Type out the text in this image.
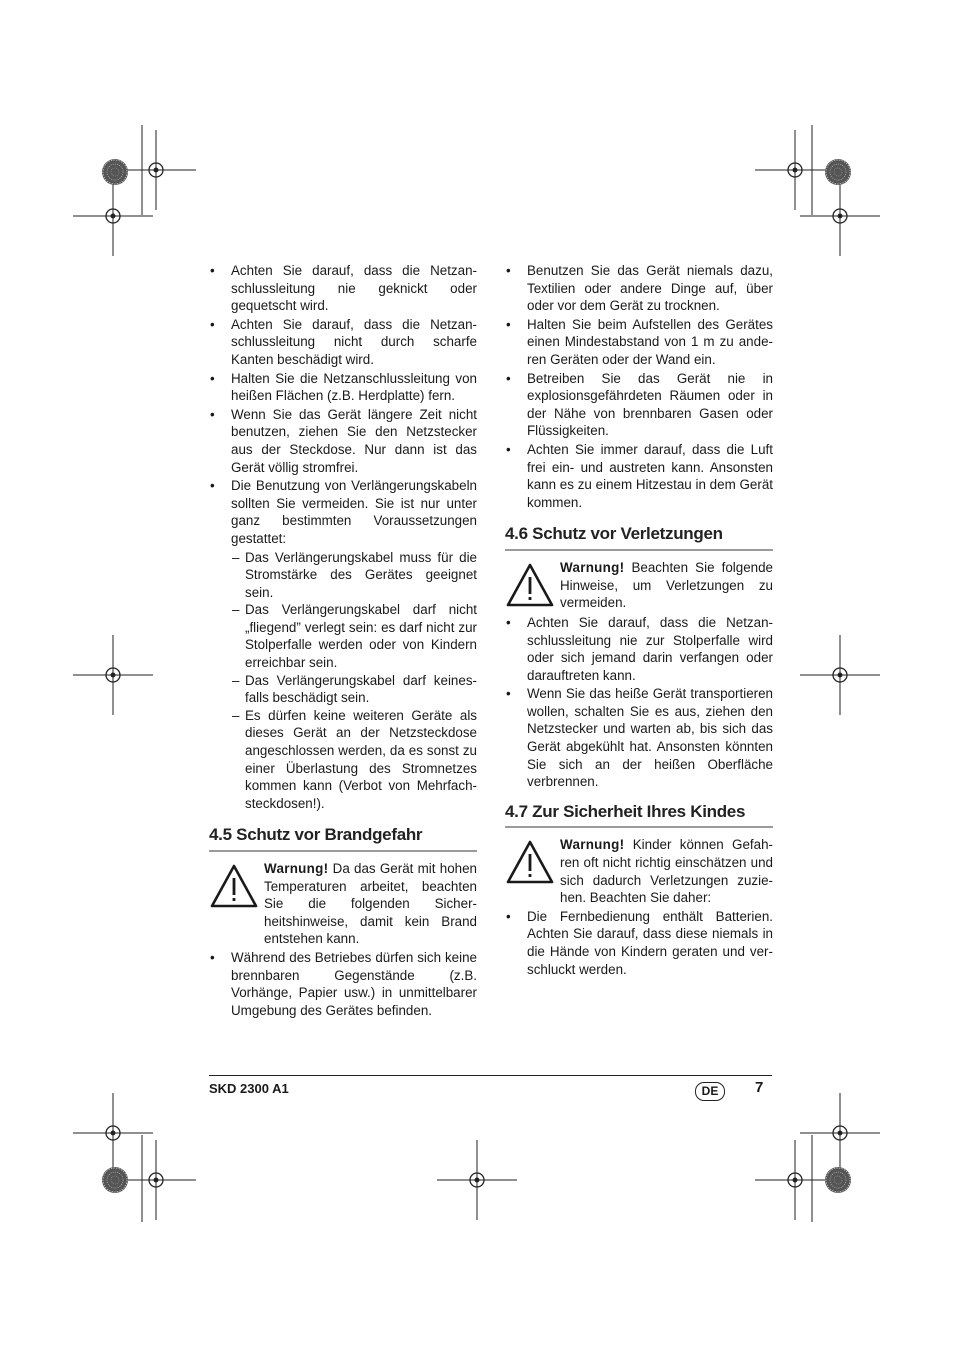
• Achten Sie darauf, dass die Netzanschlussleitung nie geknickt oder gequetscht wird.
• Achten Sie darauf, dass die Netzanschlussleitung nicht durch scharfe Kanten beschädigt wird.
• Halten Sie die Netzanschlussleitung von heißen Flächen (z.B. Herdplatte) fern.
• Wenn Sie das Gerät längere Zeit nicht benutzen, ziehen Sie den Netzstecker aus der Steckdose. Nur dann ist das Gerät völlig stromfrei.
• Die Benutzung von Verlängerungskabeln sollten Sie vermeiden. Sie ist nur unter ganz bestimmten Voraussetzungen gestattet:
– Das Verlängerungskabel muss für die Stromstärke des Gerätes geeignet sein.
– Das Verlängerungskabel darf nicht „fliegend” verlegt sein: es darf nicht zur Stolperfalle werden oder von Kindern erreichbar sein.
– Das Verlängerungskabel darf keinesfalls beschädigt sein.
– Es dürfen keine weiteren Geräte als dieses Gerät an der Netzsteckdose angeschlossen werden, da es sonst zu einer Überlastung des Stromnetzes kommen kann (Verbot von Mehrfachsteckdosen!).
4.5 Schutz vor Brandgefahr
Warnung! Da das Gerät mit hohen Temperaturen arbeitet, beachten Sie die folgenden Sicherheitshinweise, damit kein Brand entstehen kann.
• Während des Betriebes dürfen sich keine brennbaren Gegenstände (z.B. Vorhänge, Papier usw.) in unmittelbarer Umgebung des Gerätes befinden.
• Benutzen Sie das Gerät niemals dazu, Textilien oder andere Dinge auf, über oder vor dem Gerät zu trocknen.
• Halten Sie beim Aufstellen des Gerätes einen Mindestabstand von 1 m zu anderen Geräten oder der Wand ein.
• Betreiben Sie das Gerät nie in explosionsgefährdeten Räumen oder in der Nähe von brennbaren Gasen oder Flüssigkeiten.
• Achten Sie immer darauf, dass die Luft frei ein- und austreten kann. Ansonsten kann es zu einem Hitzestau in dem Gerät kommen.
4.6 Schutz vor Verletzungen
Warnung! Beachten Sie folgende Hinweise, um Verletzungen zu vermeiden.
• Achten Sie darauf, dass die Netzanschlussleitung nie zur Stolperfalle wird oder sich jemand darin verfangen oder darauftreten kann.
• Wenn Sie das heiße Gerät transportieren wollen, schalten Sie es aus, ziehen den Netzstecker und warten ab, bis sich das Gerät abgekühlt hat. Ansonsten könnten Sie sich an der heißen Oberfläche verbrennen.
4.7 Zur Sicherheit Ihres Kindes
Warnung! Kinder können Gefahren oft nicht richtig einschätzen und sich dadurch Verletzungen zuziehen. Beachten Sie daher:
• Die Fernbedienung enthält Batterien. Achten Sie darauf, dass diese niemals in die Hände von Kindern geraten und verschluckt werden.
SKD 2300 A1	DE	7
